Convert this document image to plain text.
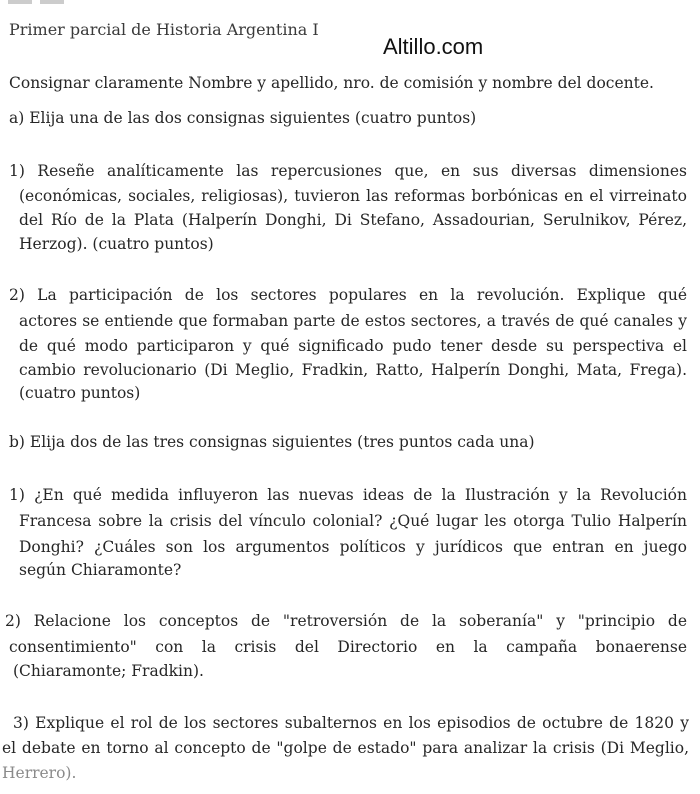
Primer parcial de Historia Argentina I
Altillo.com
Consignar claramente Nombre y apellido, nro. de comisión y nombre del docente.
a) Elija una de las dos consignas siguientes (cuatro puntos)
1) Reseñe analíticamente las repercusiones que, en sus diversas dimensiones
(económicas, sociales, religiosas), tuvieron las reformas borbónicas en el virreinato
del Río de la Plata (Halperín Donghi, Di Stefano, Assadourian, Serulnikov, Pérez,
Herzog). (cuatro puntos)
2) La participación de los sectores populares en la revolución. Explique qué
actores se entiende que formaban parte de estos sectores, a través de qué canales y
de qué modo participaron y qué significado pudo tener desde su perspectiva el
cambio revolucionario (Di Meglio, Fradkin, Ratto, Halperín Donghi, Mata, Frega).
(cuatro puntos)
b) Elija dos de las tres consignas siguientes (tres puntos cada una)
1) ¿En qué medida influyeron las nuevas ideas de la Ilustración y la Revolución
Francesa sobre la crisis del vínculo colonial? ¿Qué lugar les otorga Tulio Halperín
Donghi? ¿Cuáles son los argumentos políticos y jurídicos que entran en juego
según Chiaramonte?
2) Relacione los conceptos de "retroversión de la soberanía" y "principio de
consentimiento" con la crisis del Directorio en la campaña bonaerense
(Chiaramonte; Fradkin).
3) Explique el rol de los sectores subalternos en los episodios de octubre de 1820 y
el debate en torno al concepto de "golpe de estado" para analizar la crisis (Di Meglio,
Herrero).
